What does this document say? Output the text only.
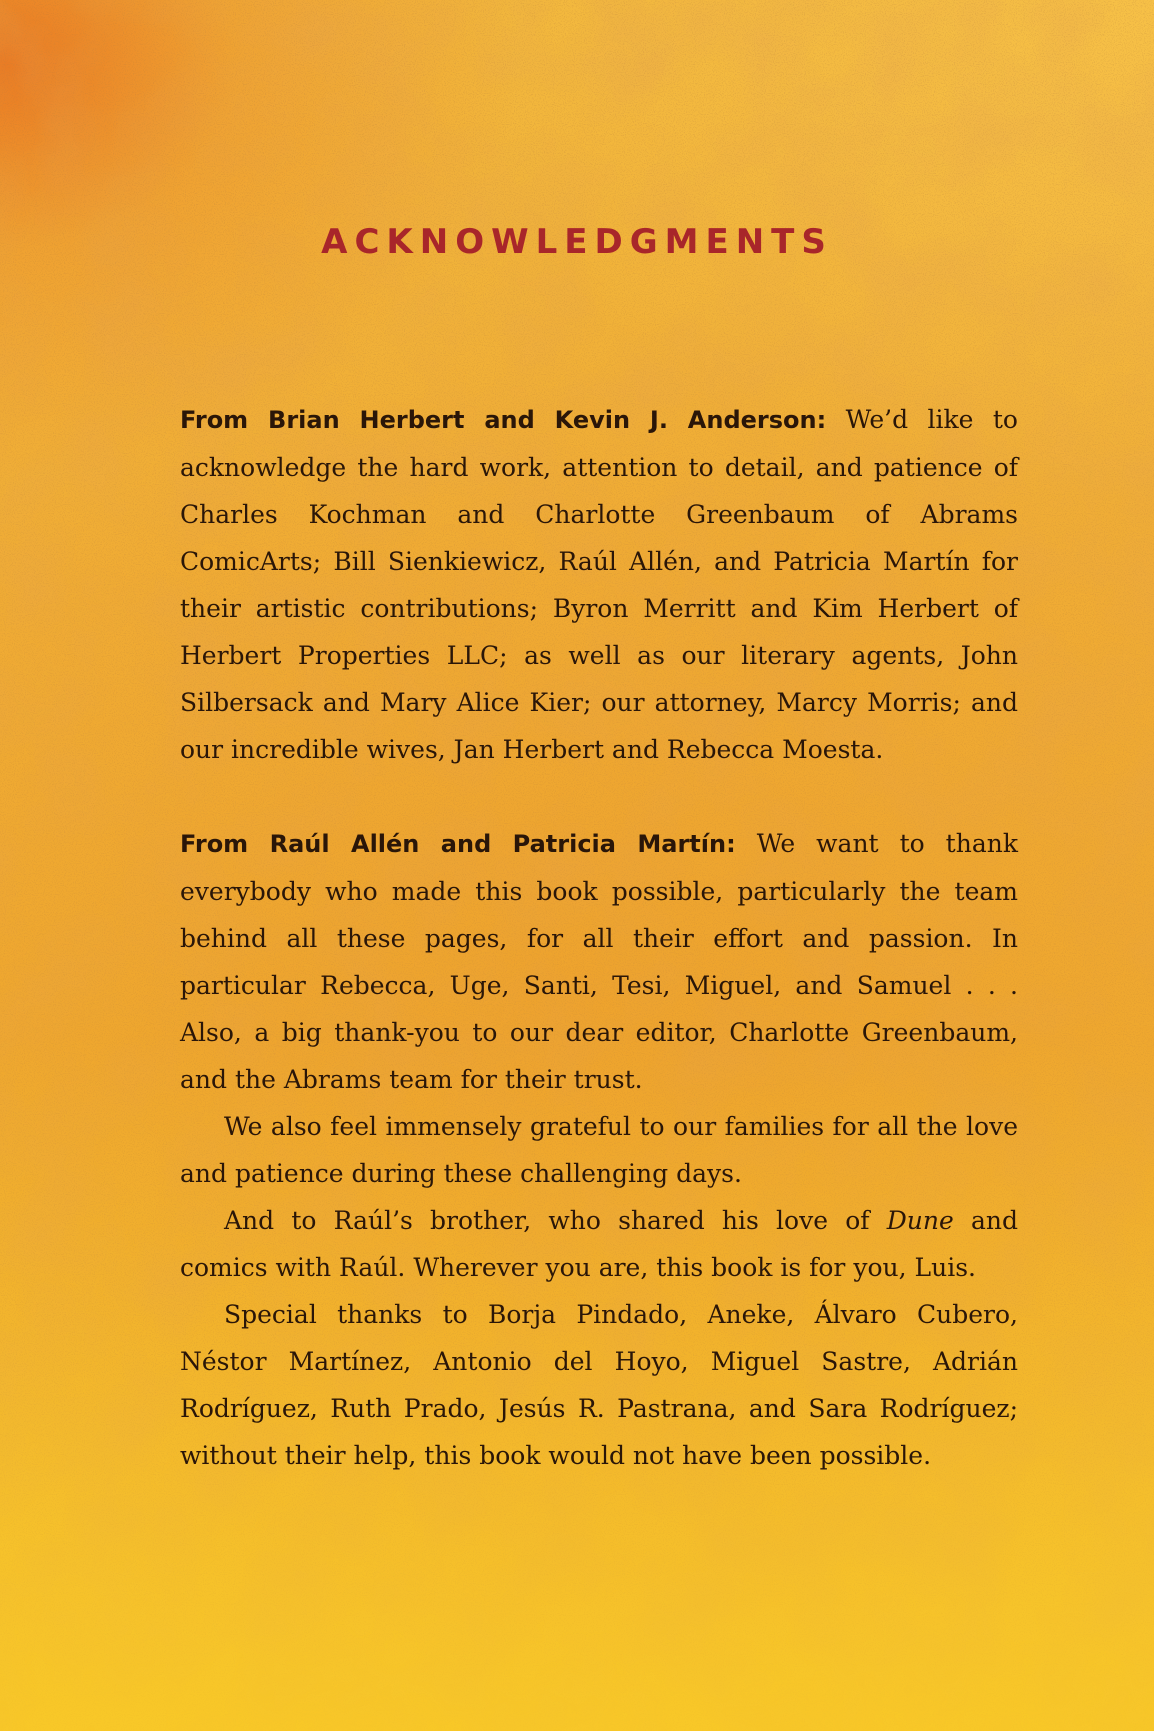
ACKNOWLEDGMENTS

From Brian Herbert and Kevin J. Anderson: We’d like to acknowledge the hard work, attention to detail, and patience of Charles Kochman and Charlotte Greenbaum of Abrams ComicArts; Bill Sienkiewicz, Raúl Allén, and Patricia Martín for their artistic contributions; Byron Merritt and Kim Herbert of Herbert Properties LLC; as well as our literary agents, John Silbersack and Mary Alice Kier; our attorney, Marcy Morris; and our incredible wives, Jan Herbert and Rebecca Moesta.

From Raúl Allén and Patricia Martín: We want to thank everybody who made this book possible, particularly the team behind all these pages, for all their effort and passion. In particular Rebecca, Uge, Santi, Tesi, Miguel, and Samuel . . . Also, a big thank-you to our dear editor, Charlotte Greenbaum, and the Abrams team for their trust.

We also feel immensely grateful to our families for all the love and patience during these challenging days.

And to Raúl’s brother, who shared his love of Dune and comics with Raúl. Wherever you are, this book is for you, Luis.

Special thanks to Borja Pindado, Aneke, Álvaro Cubero, Néstor Martínez, Antonio del Hoyo, Miguel Sastre, Adrián Rodríguez, Ruth Prado, Jesús R. Pastrana, and Sara Rodríguez; without their help, this book would not have been possible.
